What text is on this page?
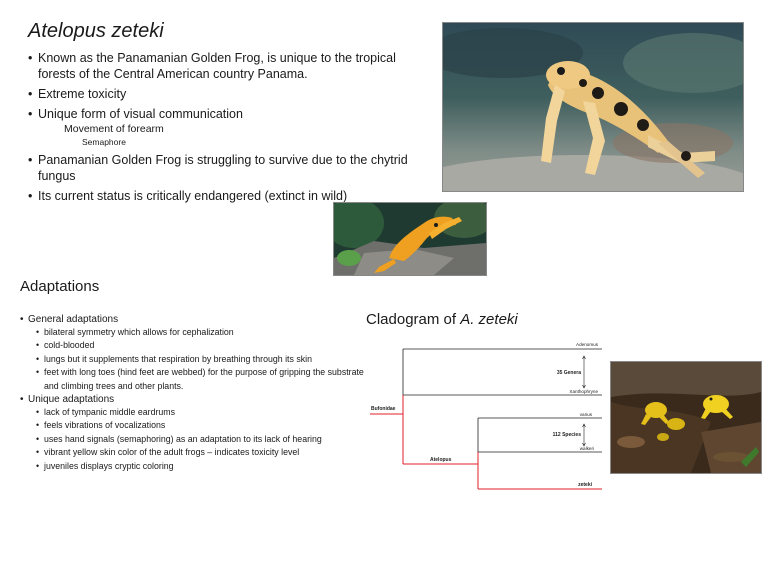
Atelopus zeteki
• Known as the Panamanian Golden Frog, is unique to the tropical forests of the Central American country Panama.
• Extreme toxicity
• Unique form of visual communication
Movement of forearm
Semaphore
• Panamanian Golden Frog is struggling to survive due to the chytrid fungus
• Its current status is critically endangered (extinct in wild)
Adaptations
• General adaptations
• bilateral symmetry which allows for cephalization
• cold-blooded
• lungs but it supplements that respiration by breathing through its skin
• feet with long toes (hind feet are webbed) for the purpose of gripping the substrate and climbing trees and other plants.
• Unique adaptations
• lack of tympanic middle eardrums
• feels vibrations of vocalizations
• uses hand signals (semaphoring) as an adaptation to its lack of hearing
• vibrant yellow skin color of the adult frogs – indicates toxicity level
• juveniles displays cryptic coloring
Cladogram of A. zeteki
Adenomus
35 Genera
Xanthophryne
Bufonidae
varius
112 Species
walkeri
Atelopus
zeteki
